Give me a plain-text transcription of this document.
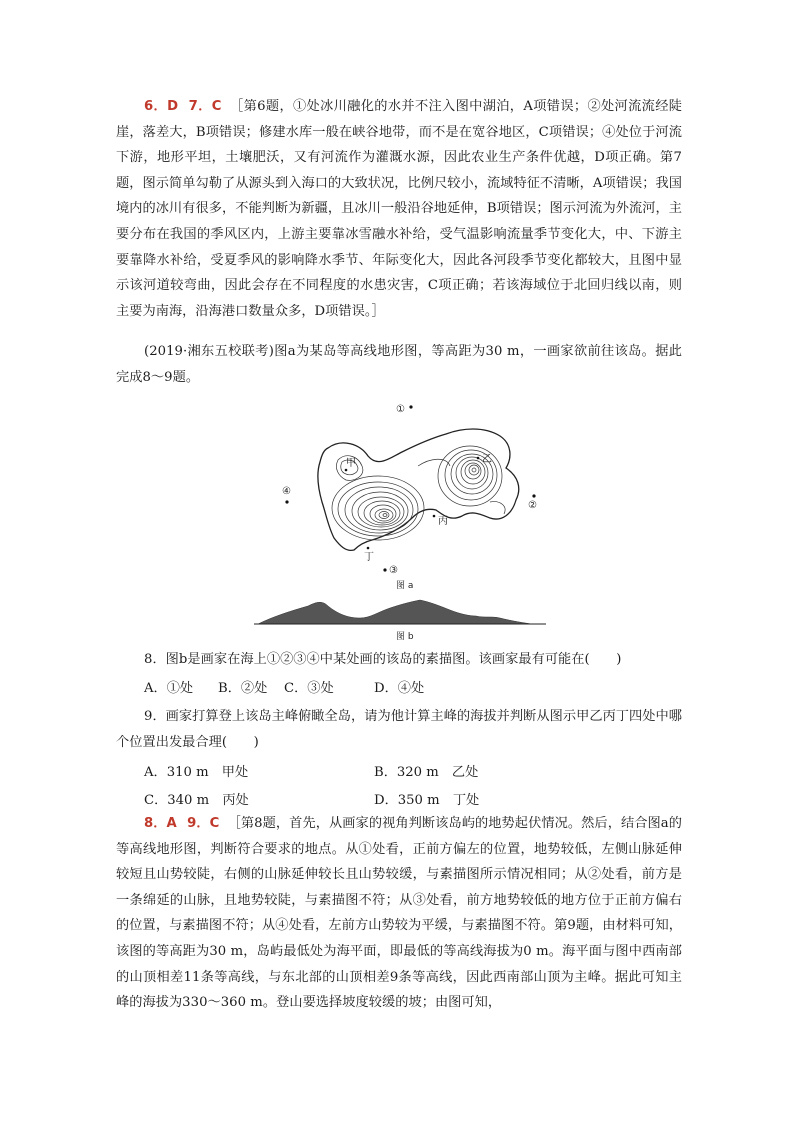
6．D 7．C ［第6题，①处冰川融化的水并不注入图中湖泊，A项错误；②处河流流经陡崖，落差大，B项错误；修建水库一般在峡谷地带，而不是在宽谷地区，C项错误；④处位于河流下游，地形平坦，土壤肥沃，又有河流作为灌溉水源，因此农业生产条件优越，D项正确。第7题，图示简单勾勒了从源头到入海口的大致状况，比例尺较小，流域特征不清晰，A项错误；我国境内的冰川有很多，不能判断为新疆，且冰川一般沿谷地延伸，B项错误；图示河流为外流河，主要分布在我国的季风区内，上游主要靠冰雪融水补给，受气温影响流量季节变化大，中、下游主要靠降水补给，受夏季风的影响降水季节、年际变化大，因此各河段季节变化都较大，且图中显示该河道较弯曲，因此会存在不同程度的水患灾害，C项正确；若该海域位于北回归线以南，则主要为南海，沿海港口数量众多，D项错误。］
(2019·湘东五校联考)图a为某岛等高线地形图，等高距为30 m，一画家欲前往该岛。据此完成8～9题。
①
甲	乙
丙
丁
④
②
③
图 a
图 b
8．图b是画家在海上①②③④中某处画的该岛的素描图。该画家最有可能在(　　)
A．①处 B．②处 C．③处	D．④处
9．画家打算登上该岛主峰俯瞰全岛，请为他计算主峰的海拔并判断从图示甲乙丙丁四处中哪个位置出发最合理(　　)
A．310 m　甲处	B．320 m　乙处
C．340 m　丙处	D．350 m　丁处
8．A 9．C ［第8题，首先，从画家的视角判断该岛屿的地势起伏情况。然后，结合图a的等高线地形图，判断符合要求的地点。从①处看，正前方偏左的位置，地势较低，左侧山脉延伸较短且山势较陡，右侧的山脉延伸较长且山势较缓，与素描图所示情况相同；从②处看，前方是一条绵延的山脉，且地势较陡，与素描图不符；从③处看，前方地势较低的地方位于正前方偏右的位置，与素描图不符；从④处看，左前方山势较为平缓，与素描图不符。第9题，由材料可知，该图的等高距为30 m，岛屿最低处为海平面，即最低的等高线海拔为0 m。海平面与图中西南部的山顶相差11条等高线，与东北部的山顶相差9条等高线，因此西南部山顶为主峰。据此可知主峰的海拔为330～360 m。登山要选择坡度较缓的坡；由图可知，
